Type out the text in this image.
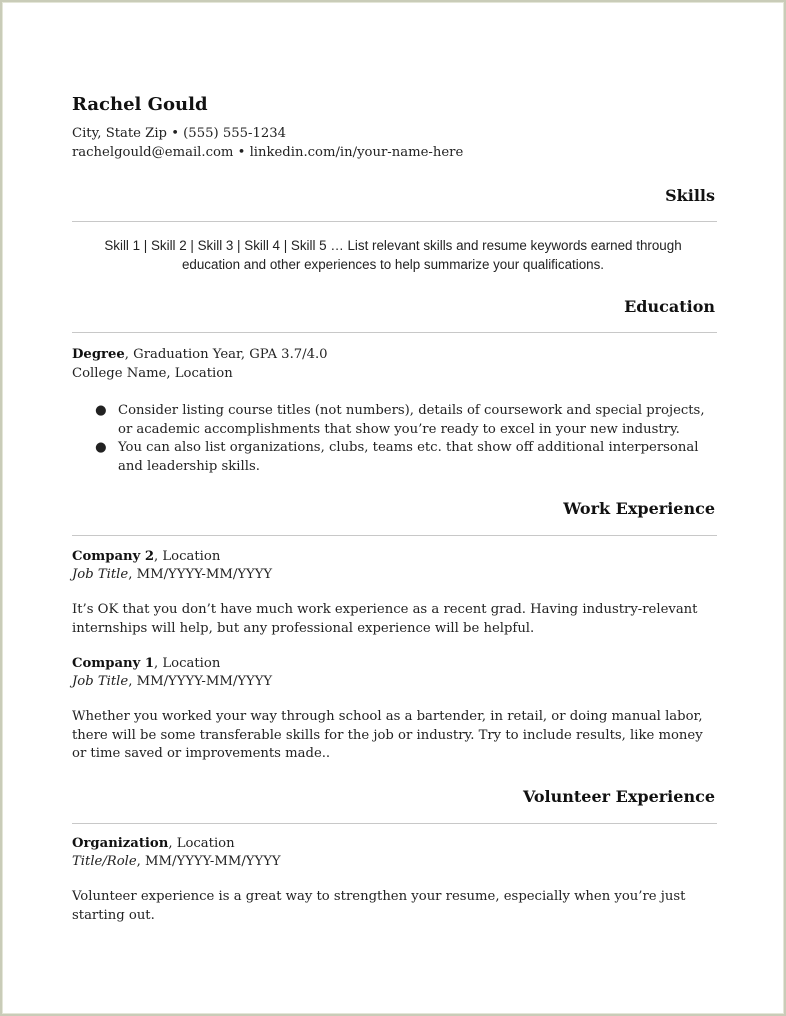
Rachel Gould
City, State Zip • (555) 555-1234
rachelgould@email.com • linkedin.com/in/your-name-here
Skills
Skill 1 | Skill 2 | Skill 3 | Skill 4 | Skill 5 … List relevant skills and resume keywords earned through education and other experiences to help summarize your qualifications.
Education
Degree, Graduation Year, GPA 3.7/4.0
College Name, Location
● Consider listing course titles (not numbers), details of coursework and special projects, or academic accomplishments that show you’re ready to excel in your new industry.
● You can also list organizations, clubs, teams etc. that show off additional interpersonal and leadership skills.
Work Experience
Company 2, Location
Job Title, MM/YYYY-MM/YYYY
It’s OK that you don’t have much work experience as a recent grad. Having industry-relevant internships will help, but any professional experience will be helpful.
Company 1, Location
Job Title, MM/YYYY-MM/YYYY
Whether you worked your way through school as a bartender, in retail, or doing manual labor, there will be some transferable skills for the job or industry. Try to include results, like money or time saved or improvements made..
Volunteer Experience
Organization, Location
Title/Role, MM/YYYY-MM/YYYY
Volunteer experience is a great way to strengthen your resume, especially when you’re just starting out.
